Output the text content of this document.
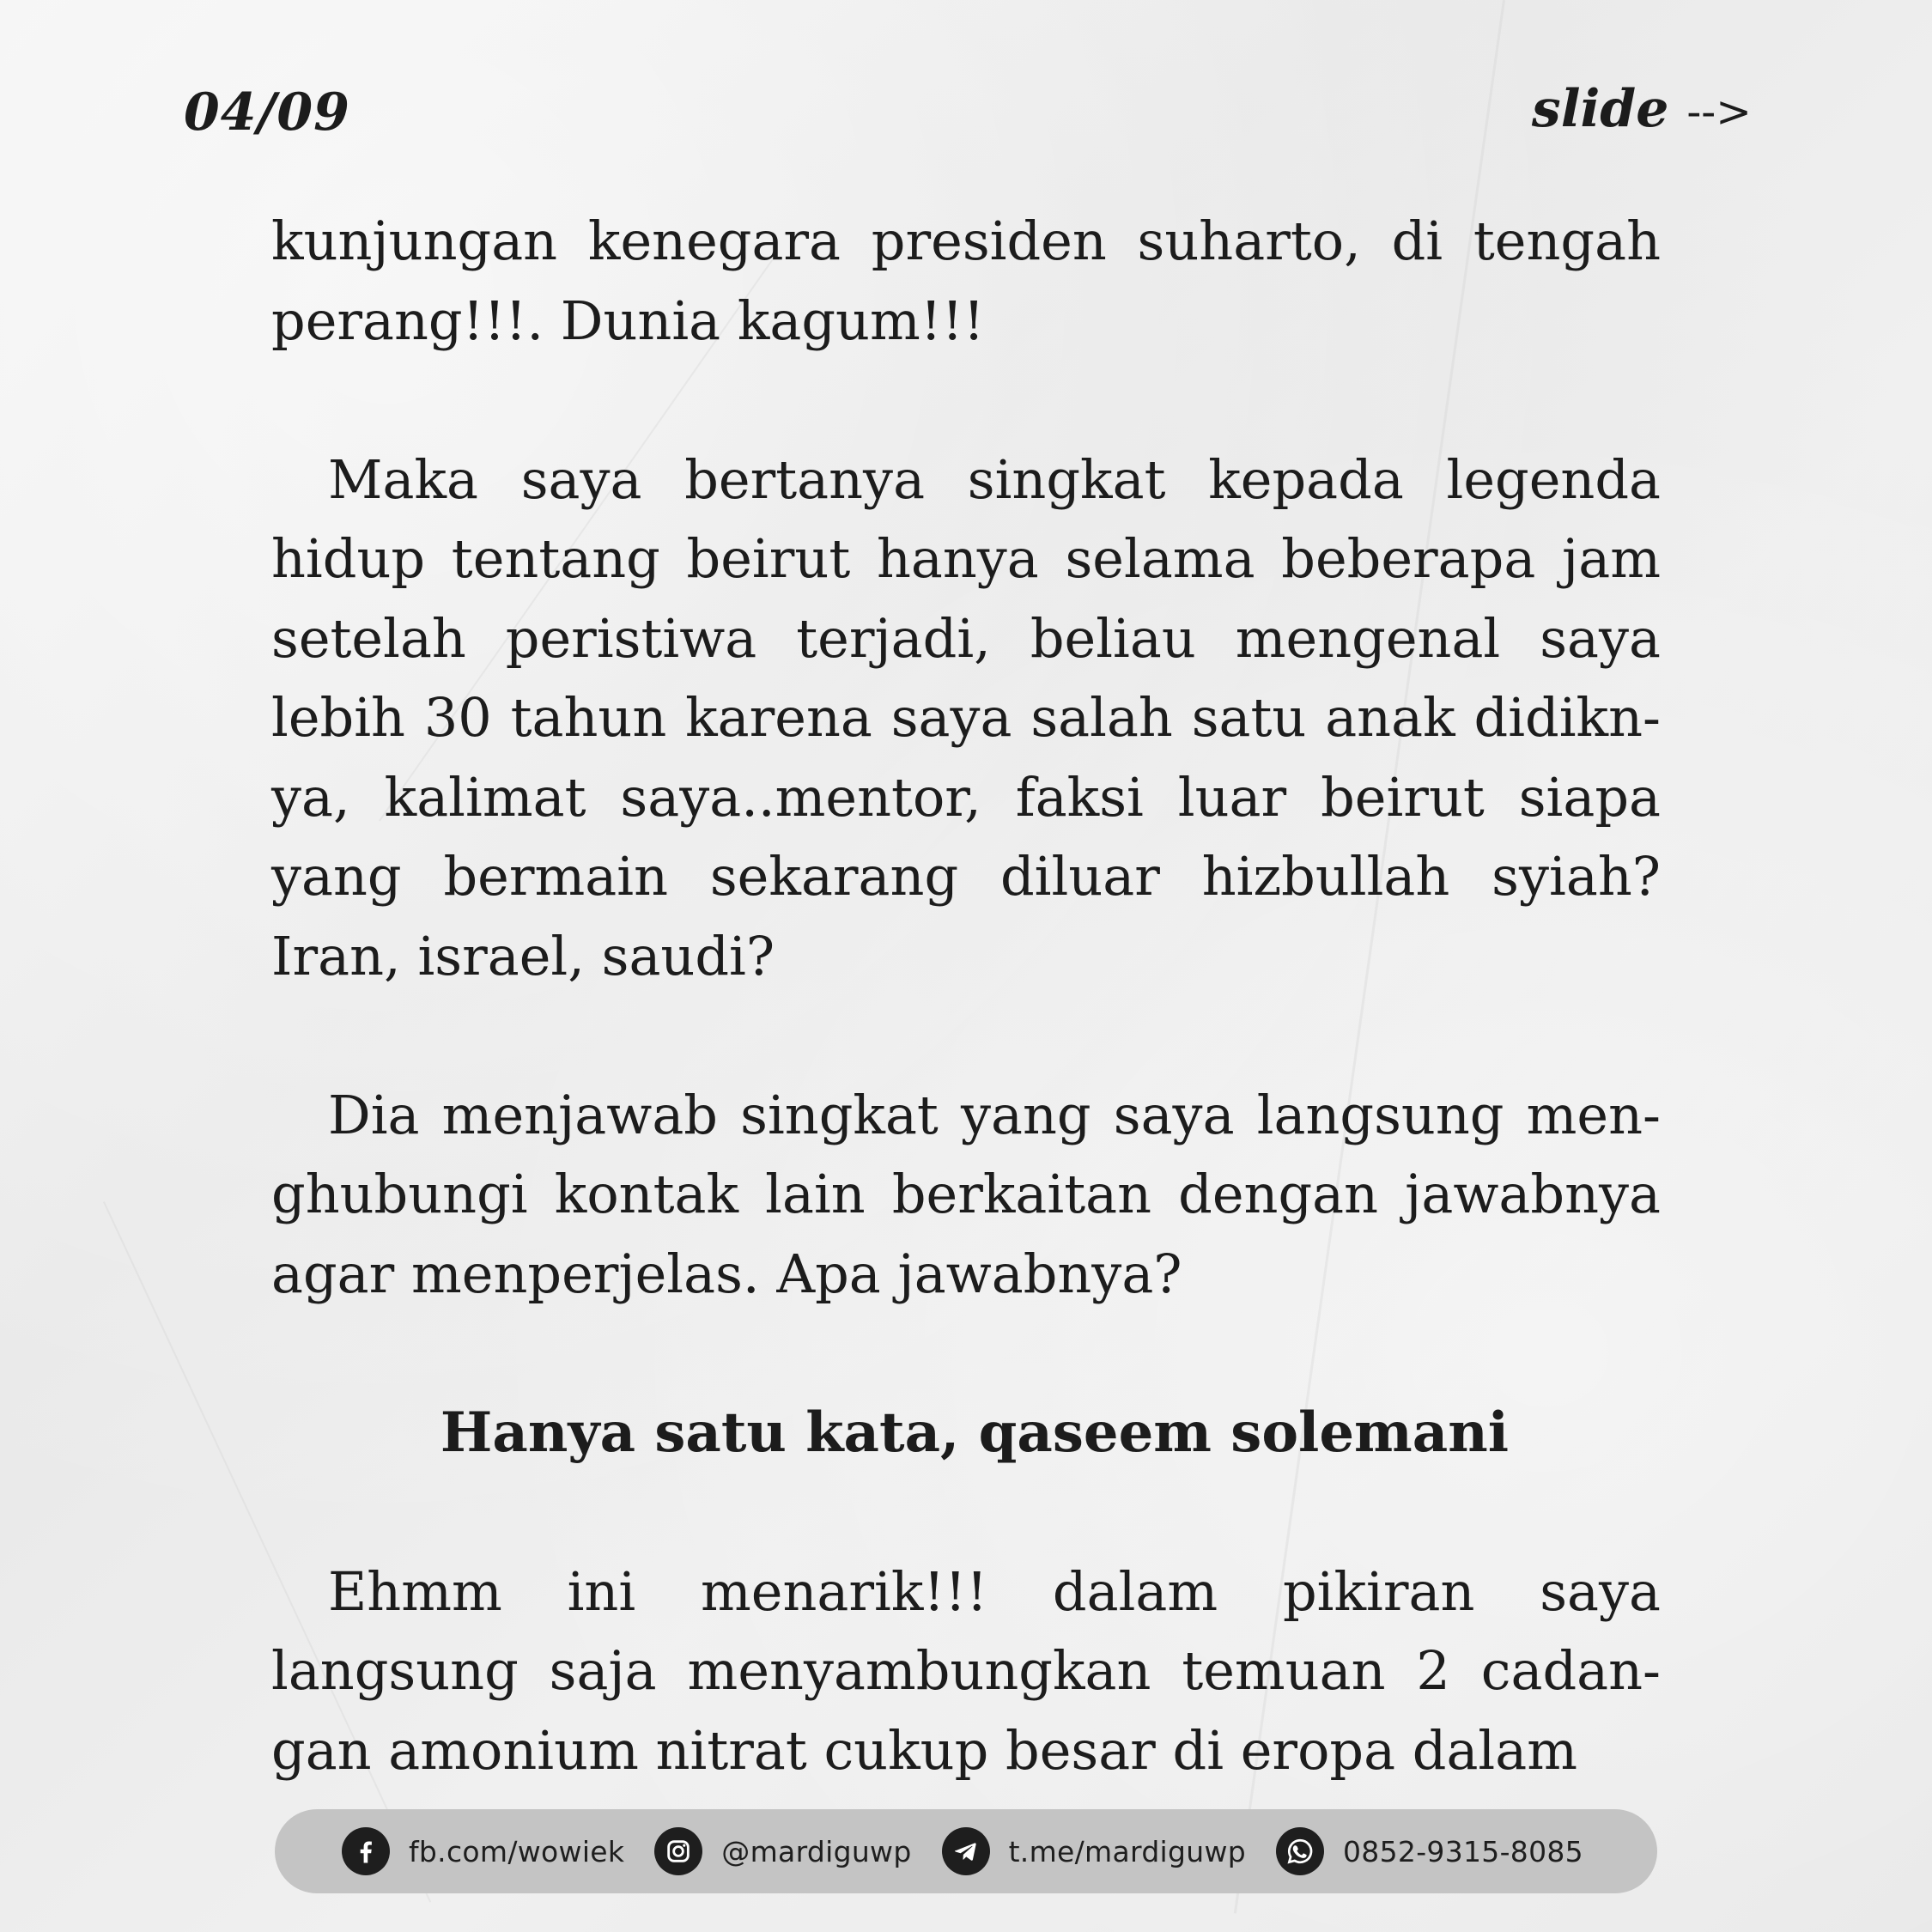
04/09	slide -->

kunjungan kenegara presiden suharto, di tengah perang!!!. Dunia kagum!!!

Maka saya bertanya singkat kepada legenda hidup tentang beirut hanya selama beberapa jam setelah peristiwa terjadi, beliau mengenal saya lebih 30 tahun karena saya salah satu anak didikn-ya, kalimat saya..mentor, faksi luar beirut siapa yang bermain sekarang diluar hizbullah syiah? Iran, israel, saudi?

Dia menjawab singkat yang saya langsung men-ghubungi kontak lain berkaitan dengan jawabnya agar menperjelas. Apa jawabnya?

Hanya satu kata, qaseem solemani

Ehmm ini menarik!!! dalam pikiran saya langsung saja menyambungkan temuan 2 cadan-gan amonium nitrat cukup besar di eropa dalam

fb.com/wowiek	@mardiguwp	t.me/mardiguwp	0852-9315-8085
